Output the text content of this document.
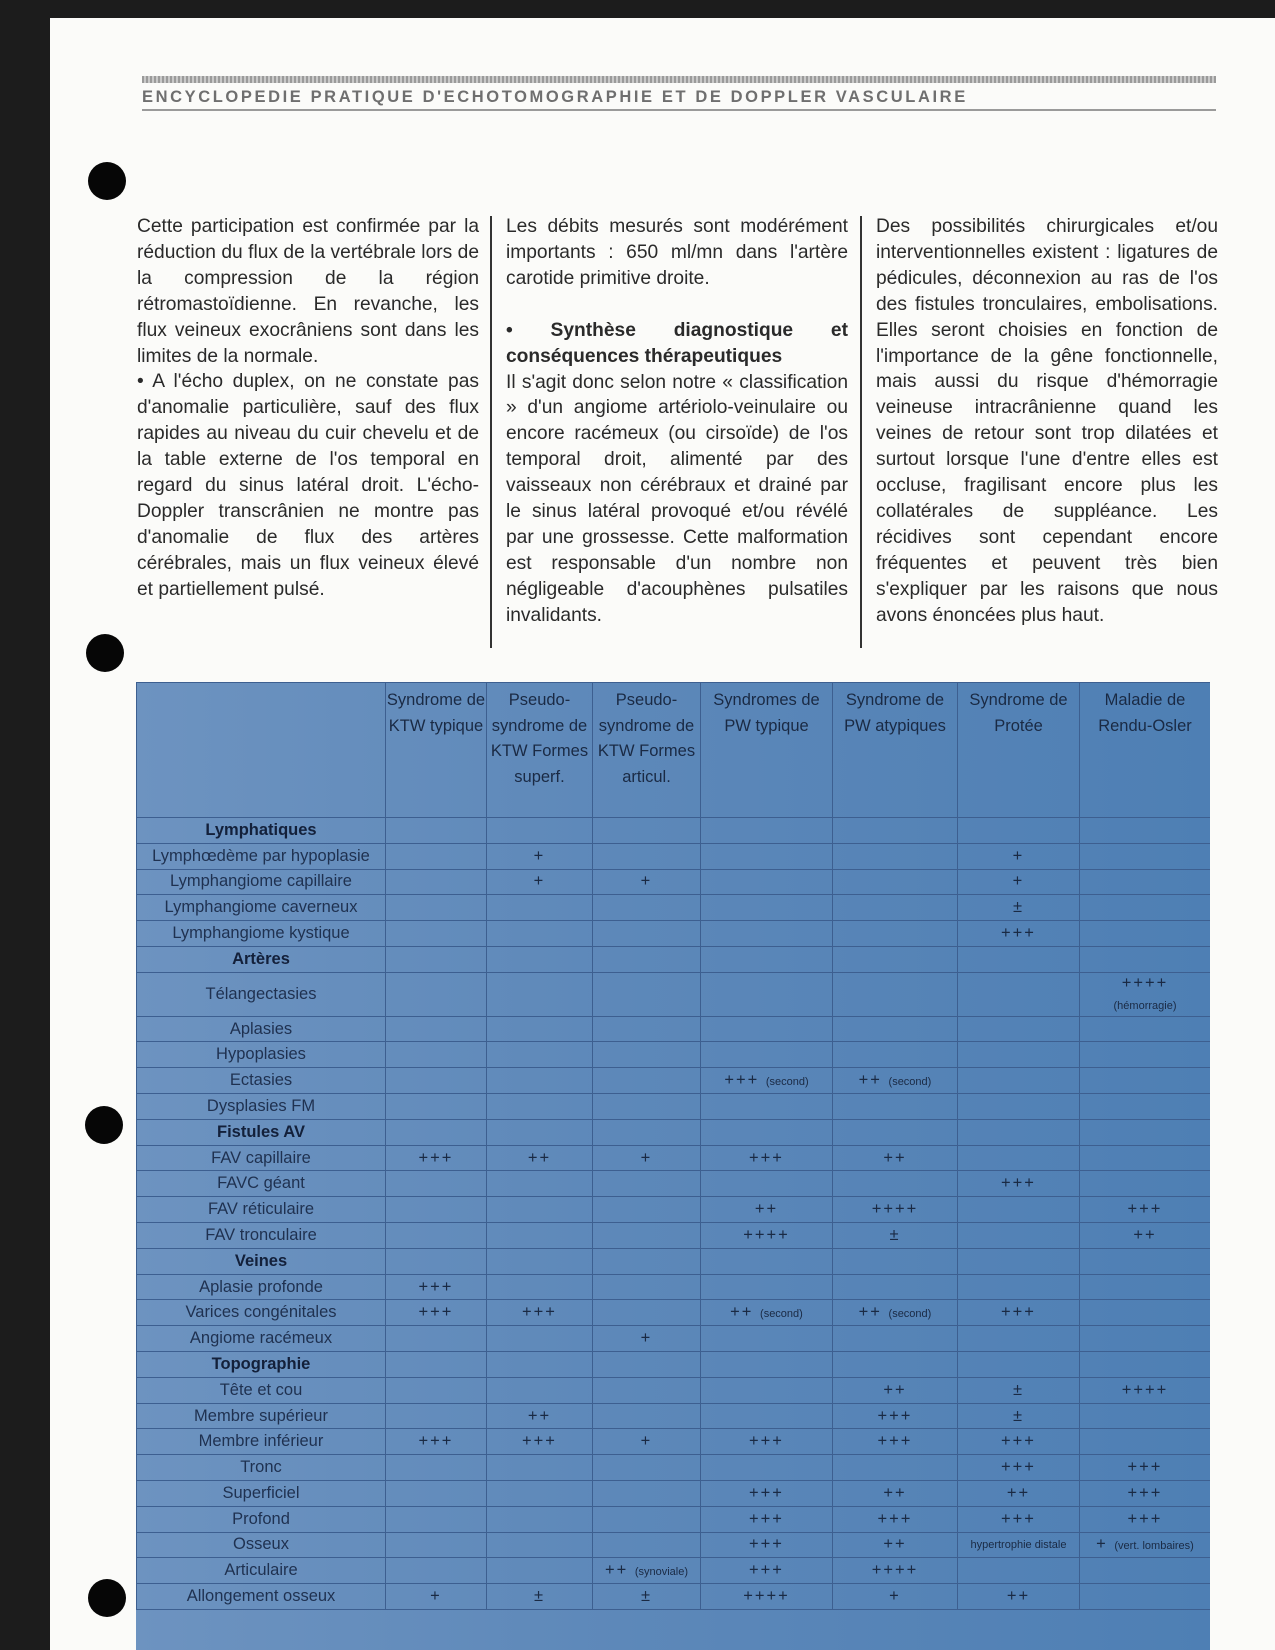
ENCYCLOPEDIE PRATIQUE D'ECHOTOMOGRAPHIE ET DE DOPPLER VASCULAIRE

Cette participation est confirmée par la réduction du flux de la vertébrale lors de la compression de la région rétromastoïdienne. En revanche, les flux veineux exocrâniens sont dans les limites de la normale.

• A l'écho duplex, on ne constate pas d'anomalie particulière, sauf des flux rapides au niveau du cuir chevelu et de la table externe de l'os temporal en regard du sinus latéral droit. L'écho-Doppler transcrânien ne montre pas d'anomalie de flux des artères cérébrales, mais un flux veineux élevé et partiellement pulsé.

Les débits mesurés sont modérément importants : 650 ml/mn dans l'artère carotide primitive droite.

• Synthèse diagnostique et conséquences thérapeutiques

Il s'agit donc selon notre « classification » d'un angiome artériolo-veinulaire ou encore racémeux (ou cirsoïde) de l'os temporal droit, alimenté par des vaisseaux non cérébraux et drainé par le sinus latéral provoqué et/ou révélé par une grossesse. Cette malformation est responsable d'un nombre non négligeable d'acouphènes pulsatiles invalidants.

Des possibilités chirurgicales et/ou interventionnelles existent : ligatures de pédicules, déconnexion au ras de l'os des fistules tronculaires, embolisations. Elles seront choisies en fonction de l'importance de la gêne fonctionnelle, mais aussi du risque d'hémorragie veineuse intracrânienne quand les veines de retour sont trop dilatées et surtout lorsque l'une d'entre elles est occluse, fragilisant encore plus les collatérales de suppléance. Les récidives sont cependant encore fréquentes et peuvent très bien s'expliquer par les raisons que nous avons énoncées plus haut.

	Syndrome de KTW typique	Pseudo-syndrome de KTW Formes superf.	Pseudo-syndrome de KTW Formes articul.	Syndromes de PW typique	Syndrome de PW atypiques	Syndrome de Protée	Maladie de Rendu-Osler
Lymphatiques							
Lymphœdème par hypoplasie		+				+	
Lymphangiome capillaire		+	+			+	
Lymphangiome caverneux						±	
Lymphangiome kystique						+++	
Artères							
Télangectasies							++++
(hémorragie)
Aplasies							
Hypoplasies							
Ectasies				+++ (second)	++ (second)		
Dysplasies FM							
Fistules AV							
FAV capillaire	+++	++	+	+++	++		
FAVC géant						+++	
FAV réticulaire				++	++++		+++
FAV tronculaire				++++	±		++
Veines							
Aplasie profonde	+++						
Varices congénitales	+++	+++		++ (second)	++ (second)	+++	
Angiome racémeux			+				
Topographie							
Tête et cou					++	±	++++
Membre supérieur		++			+++	±	
Membre inférieur	+++	+++	+	+++	+++	+++	
Tronc						+++	+++
Superficiel				+++	++	++	+++
Profond				+++	+++	+++	+++
Osseux				+++	++	hypertrophie distale	+ (vert. lombaires)
Articulaire			++ (synoviale)	+++	++++		
Allongement osseux	+	±	±	++++	+	++	
